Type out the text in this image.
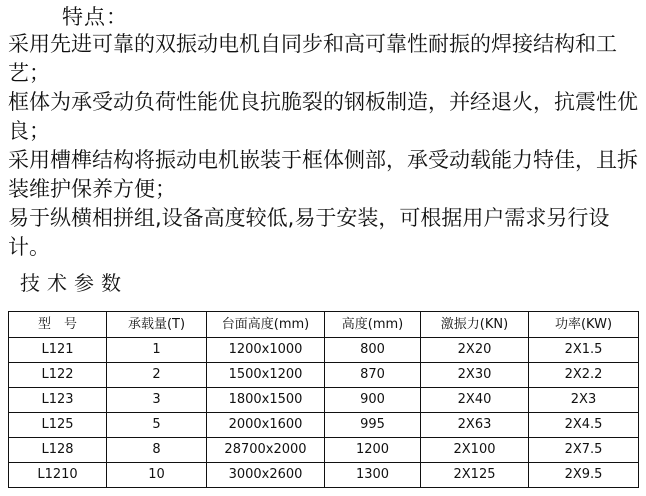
特点：

采用先进可靠的双振动电机自同步和高可靠性耐振的焊接结构和工艺；

框体为承受动负荷性能优良抗脆裂的钢板制造，并经退火，抗震性优良；

采用槽榫结构将振动电机嵌装于框体侧部，承受动载能力特佳，且拆装维护保养方便；

易于纵横相拼组,设备高度较低,易于安装，可根据用户需求另行设计。

技术参数
型　号	承载量(T)	台面高度(mm)	高度(mm)	激振力(KN)	功率(KW)
L121	1	1200x1000	800	2X20	2X1.5
L122	2	1500x1200	870	2X30	2X2.2
L123	3	1800x1500	900	2X40	2X3
L125	5	2000x1600	995	2X63	2X4.5
L128	8	28700x2000	1200	2X100	2X7.5
L1210	10	3000x2600	1300	2X125	2X9.5
